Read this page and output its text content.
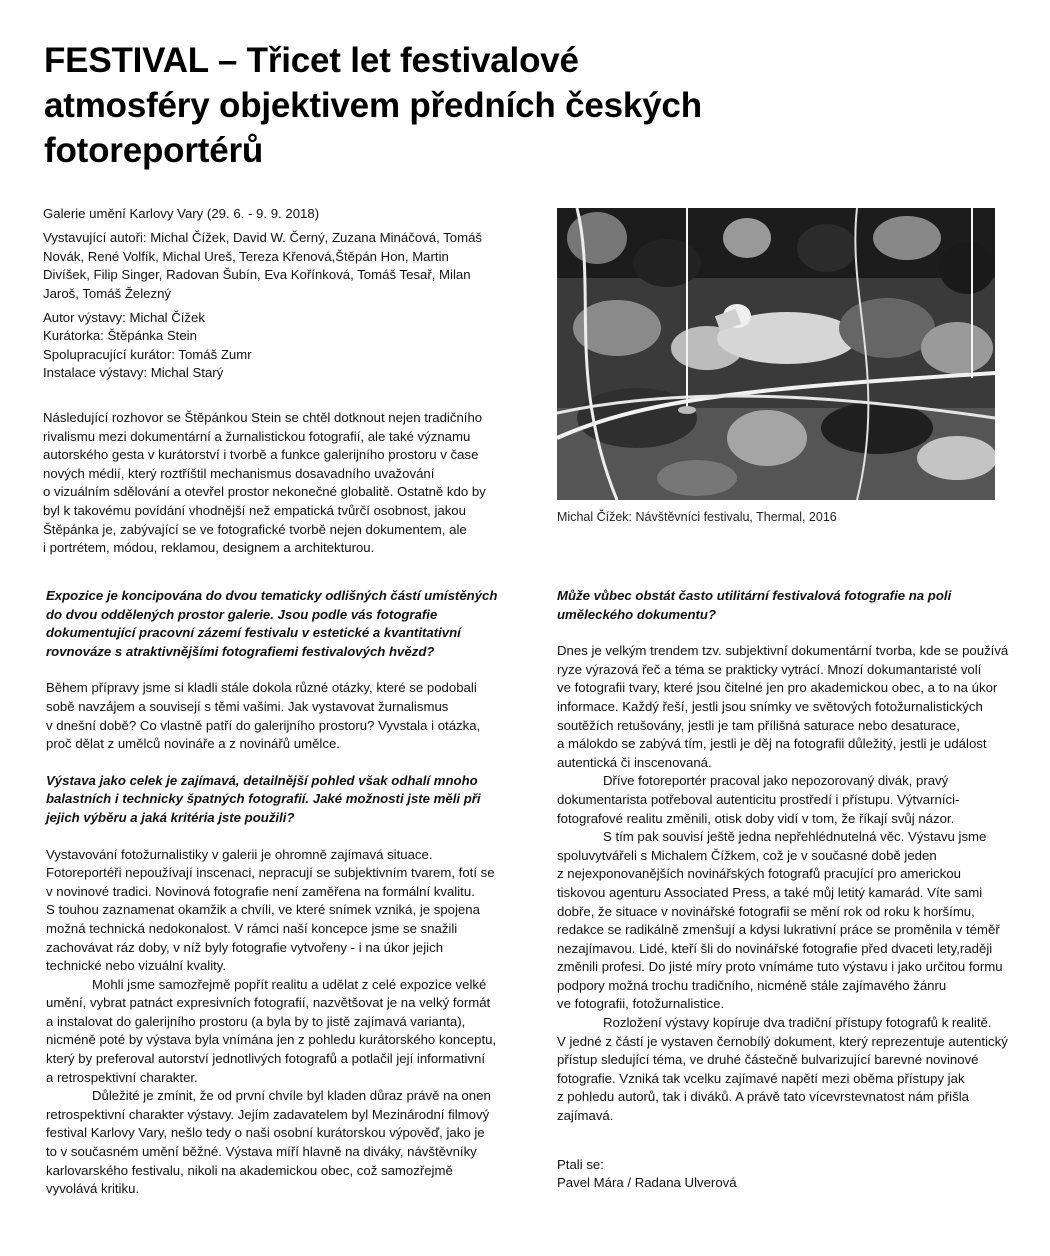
FESTIVAL – Třicet let festivalové
atmosféry objektivem předních českých
fotoreportérů
Galerie umění Karlovy Vary (29. 6. - 9. 9. 2018)
Vystavující autoři: Michal Čížek, David W. Černý, Zuzana Mináčová, Tomáš
Novák, René Volfík, Michal Ureš, Tereza Křenová,Štěpán Hon, Martin
Divíšek, Filip Singer, Radovan Šubín, Eva Kořínková, Tomáš Tesař, Milan
Jaroš, Tomáš Železný
Autor výstavy: Michal Čížek
Kurátorka: Štěpánka Stein
Spolupracující kurátor: Tomáš Zumr
Instalace výstavy: Michal Starý
Následující rozhovor se Štěpánkou Stein se chtěl dotknout nejen tradičního
rivalismu mezi dokumentární a žurnalistickou fotografií, ale také významu
autorského gesta v kurátorství i tvorbě a funkce galerijního prostoru v čase
nových médií, který roztříštil mechanismus dosavadního uvažování
o vizuálním sdělování a otevřel prostor nekonečné globalitě. Ostatně kdo by
byl k takovému povídání vhodnější než empatická tvůrčí osobnost, jakou
Štěpánka je, zabývající se ve fotografické tvorbě nejen dokumentem, ale
i portrétem, módou, reklamou, designem a architekturou.
Michal Čížek: Návštěvníci festivalu, Thermal, 2016
Expozice je koncipována do dvou tematicky odlišných částí umístěných
do dvou oddělených prostor galerie. Jsou podle vás fotografie
dokumentující pracovní zázemí festivalu v estetické a kvantitativní
rovnováze s atraktivnějšími fotografiemi festivalových hvězd?
Během přípravy jsme si kladli stále dokola různé otázky, které se podobali
sobě navzájem a souvisejí s těmi vašimi. Jak vystavovat žurnalismus
v dnešní době? Co vlastně patří do galerijního prostoru? Vyvstala i otázka,
proč dělat z umělců novináře a z novinářů umělce.
Výstava jako celek je zajímavá, detailnější pohled však odhalí mnoho
balastních i technicky špatných fotografií. Jaké možnosti jste měli při
jejich výběru a jaká kritéria jste použili?
Vystavování fotožurnalistiky v galerii je ohromně zajímavá situace.
Fotoreportéři nepoužívají inscenaci, nepracují se subjektivním tvarem, fotí se
v novinové tradici. Novinová fotografie není zaměřena na formální kvalitu.
S touhou zaznamenat okamžik a chvíli, ve které snímek vzniká, je spojena
možná technická nedokonalost. V rámci naší koncepce jsme se snažili
zachovávat ráz doby, v níž byly fotografie vytvořeny - i na úkor jejich
technické nebo vizuální kvality.
Mohli jsme samozřejmě popřít realitu a udělat z celé expozice velké
umění, vybrat patnáct expresivních fotografií, nazvětšovat je na velký formát
a instalovat do galerijního prostoru (a byla by to jistě zajímavá varianta),
nicméně poté by výstava byla vnímána jen z pohledu kurátorského konceptu,
který by preferoval autorství jednotlivých fotografů a potlačil její informativní
a retrospektivní charakter.
Důležité je zmínit, že od první chvíle byl kladen důraz právě na onen
retrospektivní charakter výstavy. Jejím zadavatelem byl Mezinárodní filmový
festival Karlovy Vary, nešlo tedy o naši osobní kurátorskou výpověď, jako je
to v současném umění běžné. Výstava míří hlavně na diváky, návštěvníky
karlovarského festivalu, nikoli na akademickou obec, což samozřejmě
vyvolává kritiku.
Může vůbec obstát často utilitární festivalová fotografie na poli
uměleckého dokumentu?
Dnes je velkým trendem tzv. subjektivní dokumentární tvorba, kde se používá
ryze výrazová řeč a téma se prakticky vytrácí. Mnozí dokumantaristé volí
ve fotografii tvary, které jsou čitelné jen pro akademickou obec, a to na úkor
informace. Každý řeší, jestli jsou snímky ve světových fotožurnalistických
soutěžích retušovány, jestli je tam přílišná saturace nebo desaturace,
a málokdo se zabývá tím, jestli je děj na fotografii důležitý, jestli je událost
autentická či inscenovaná.
Dříve fotoreportér pracoval jako nepozorovaný divák, pravý
dokumentarista potřeboval autenticitu prostředí i přístupu. Výtvarníci-
fotografové realitu změnili, otisk doby vidí v tom, že říkají svůj názor.
S tím pak souvisí ještě jedna nepřehlédnutelná věc. Výstavu jsme
spoluvytvářeli s Michalem Čížkem, což je v současné době jeden
z nejexponovanějších novinářských fotografů pracující pro americkou
tiskovou agenturu Associated Press, a také můj letitý kamarád. Víte sami
dobře, že situace v novinářské fotografii se mění rok od roku k horšímu,
redakce se radikálně zmenšují a kdysi lukrativní práce se proměnila v téměř
nezajímavou. Lidé, kteří šli do novinářské fotografie před dvaceti lety,raději
změnili profesi. Do jisté míry proto vnímáme tuto výstavu i jako určitou formu
podpory možná trochu tradičního, nicméně stále zajímavého žánru
ve fotografii, fotožurnalistice.
Rozložení výstavy kopíruje dva tradiční přístupy fotografů k realitě.
V jedné z částí je vystaven černobílý dokument, který reprezentuje autentický
přístup sledující téma, ve druhé částečně bulvarizující barevné novinové
fotografie. Vzniká tak vcelku zajímavé napětí mezi oběma přístupy jak
z pohledu autorů, tak i diváků. A právě tato vícevrstevnatost nám přišla
zajímavá.
Ptali se:
Pavel Mára / Radana Ulverová
